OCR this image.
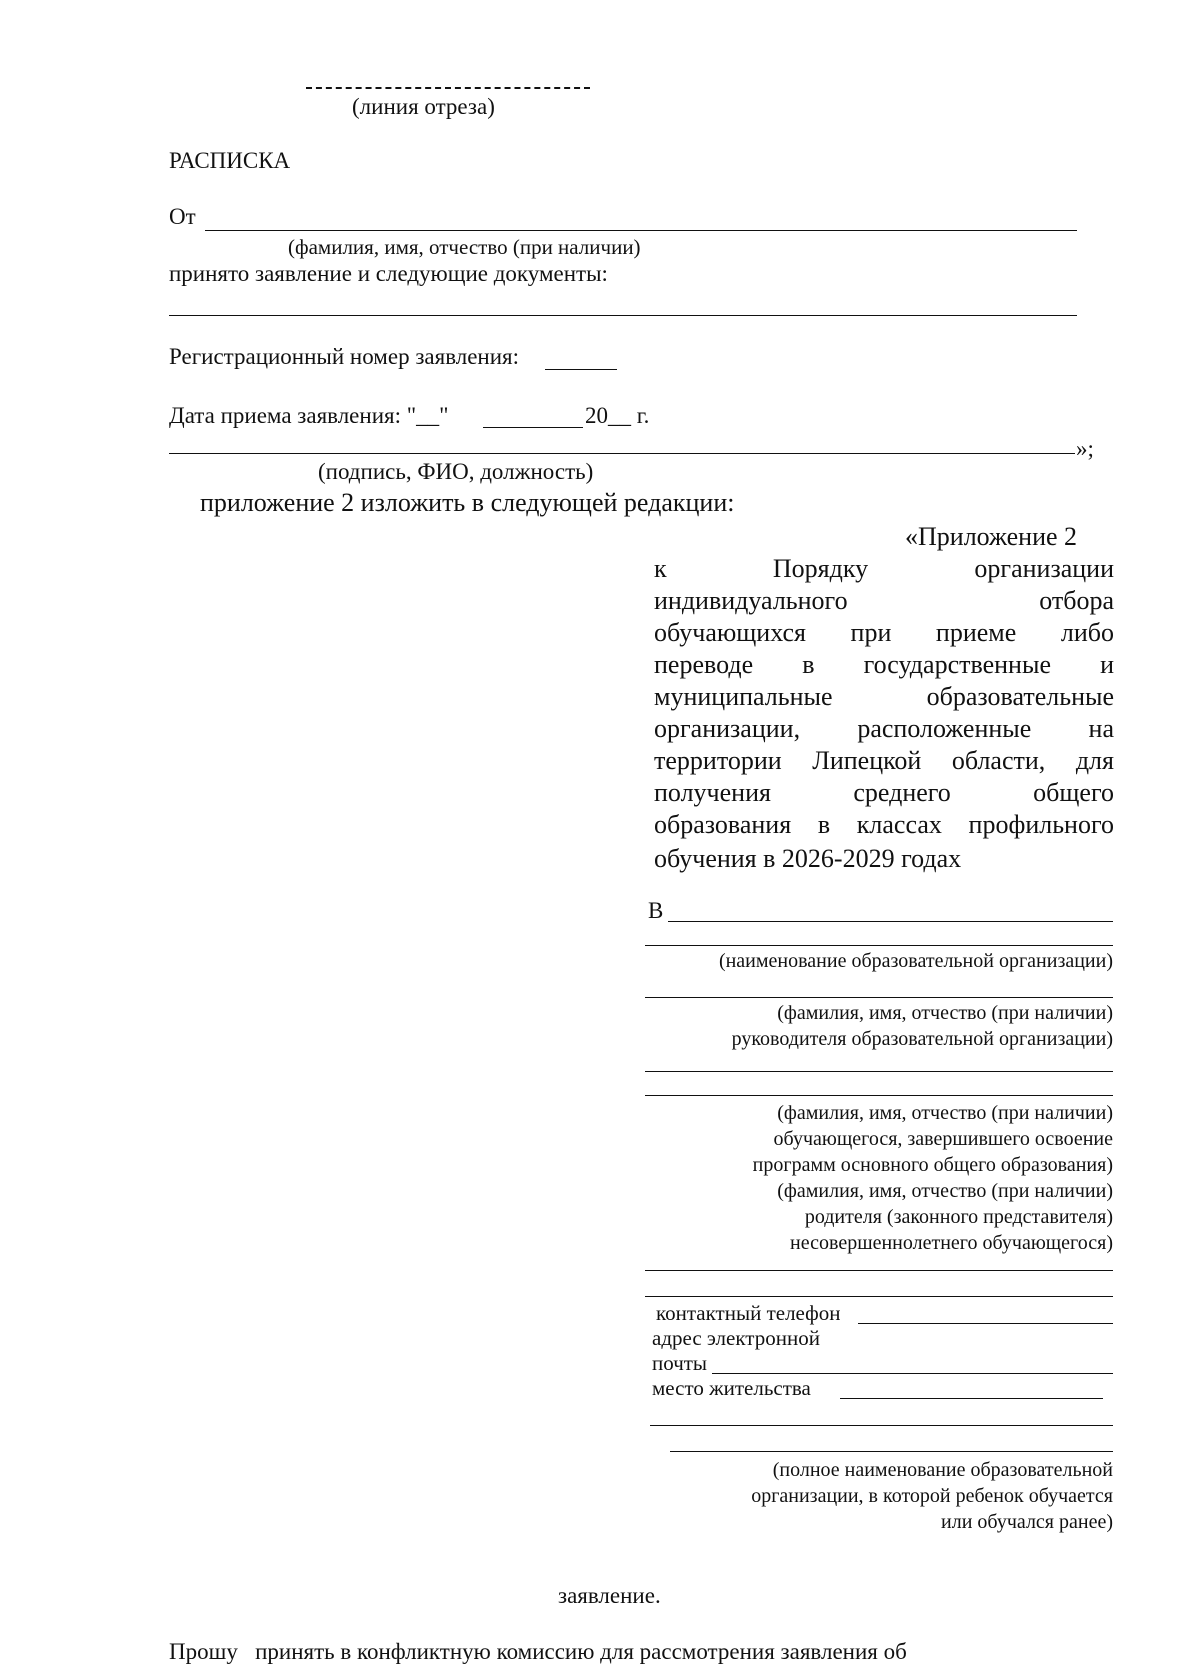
(линия отреза)
РАСПИСКА
От
(фамилия, имя, отчество (при наличии)
принято заявление и следующие документы:
Регистрационный номер заявления:
Дата приема заявления: "__"	20__ г.
»;
(подпись, ФИО, должность)
приложение 2 изложить в следующей редакции:
«Приложение 2
к Порядку организации
индивидуального отбора
обучающихся при приеме либо
переводе в государственные и
муниципальные образовательные
организации, расположенные на
территории Липецкой области, для
получения среднего общего
образования в классах профильного
обучения в 2026-2029 годах
В
(наименование образовательной организации)
(фамилия, имя, отчество (при наличии)
руководителя образовательной организации)
(фамилия, имя, отчество (при наличии)
обучающегося, завершившего освоение
программ основного общего образования)
(фамилия, имя, отчество (при наличии)
родителя (законного представителя)
несовершеннолетнего обучающегося)
контактный телефон
адрес электронной
почты
место жительства
(полное наименование образовательной
организации, в которой ребенок обучается
или обучался ранее)
заявление.
Прошу   принять в конфликтную комиссию для рассмотрения заявления об
